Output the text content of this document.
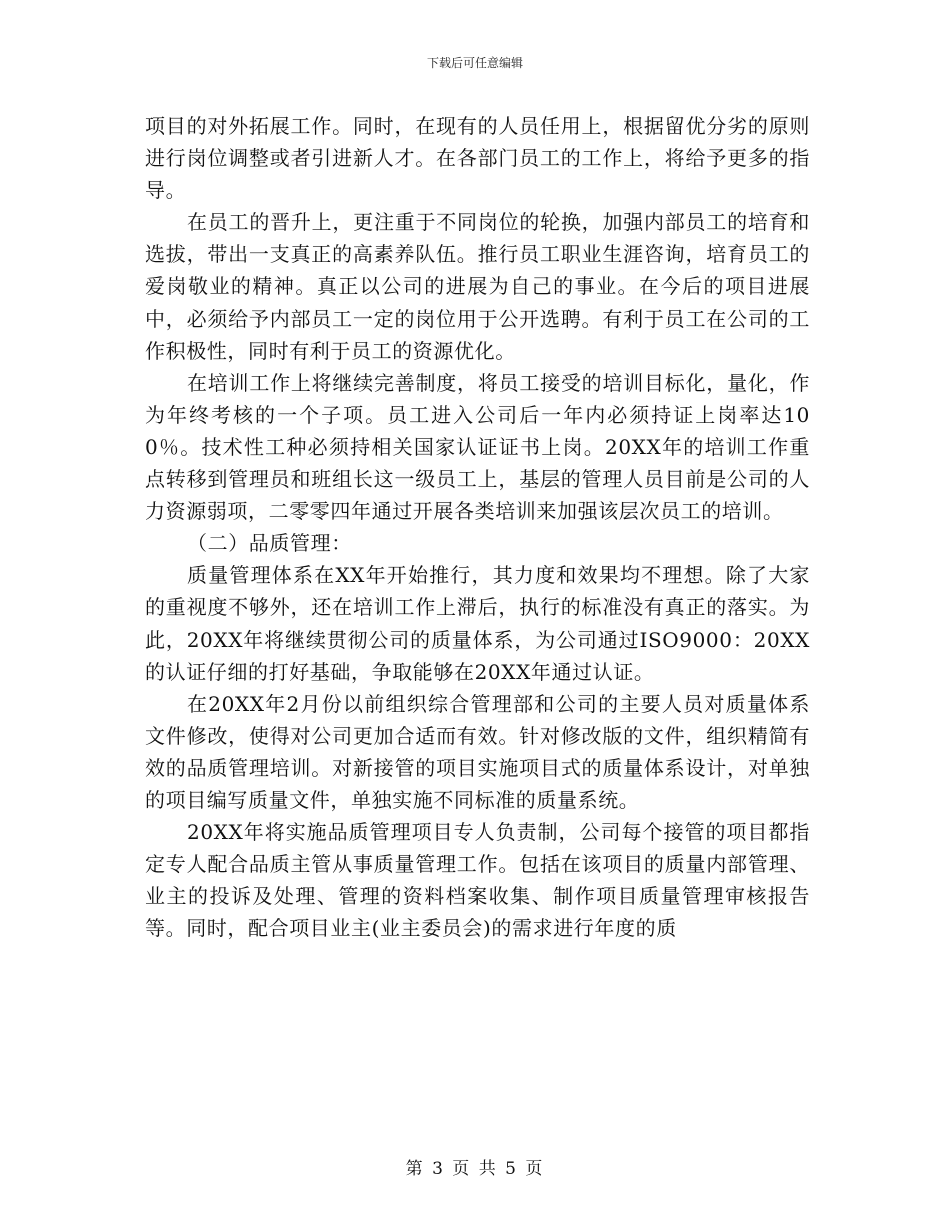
下载后可任意编辑

项目的对外拓展工作。同时，在现有的人员任用上，根据留优分劣的原则进行岗位调整或者引进新人才。在各部门员工的工作上，将给予更多的指导。

在员工的晋升上，更注重于不同岗位的轮换，加强内部员工的培育和选拔，带出一支真正的高素养队伍。推行员工职业生涯咨询，培育员工的爱岗敬业的精神。真正以公司的进展为自己的事业。在今后的项目进展中，必须给予内部员工一定的岗位用于公开选聘。有利于员工在公司的工作积极性，同时有利于员工的资源优化。

在培训工作上将继续完善制度，将员工接受的培训目标化，量化，作为年终考核的一个子项。员工进入公司后一年内必须持证上岗率达100％。技术性工种必须持相关国家认证证书上岗。20XX年的培训工作重点转移到管理员和班组长这一级员工上，基层的管理人员目前是公司的人力资源弱项，二零零四年通过开展各类培训来加强该层次员工的培训。

（二）品质管理：

质量管理体系在XX年开始推行，其力度和效果均不理想。除了大家的重视度不够外，还在培训工作上滞后，执行的标准没有真正的落实。为此，20XX年将继续贯彻公司的质量体系，为公司通过ISO9000：20XX的认证仔细的打好基础，争取能够在20XX年通过认证。

在20XX年2月份以前组织综合管理部和公司的主要人员对质量体系文件修改，使得对公司更加合适而有效。针对修改版的文件，组织精简有效的品质管理培训。对新接管的项目实施项目式的质量体系设计，对单独的项目编写质量文件，单独实施不同标准的质量系统。

20XX年将实施品质管理项目专人负责制，公司每个接管的项目都指定专人配合品质主管从事质量管理工作。包括在该项目的质量内部管理、业主的投诉及处理、管理的资料档案收集、制作项目质量管理审核报告等。同时，配合项目业主(业主委员会)的需求进行年度的质

第 3 页 共 5 页
